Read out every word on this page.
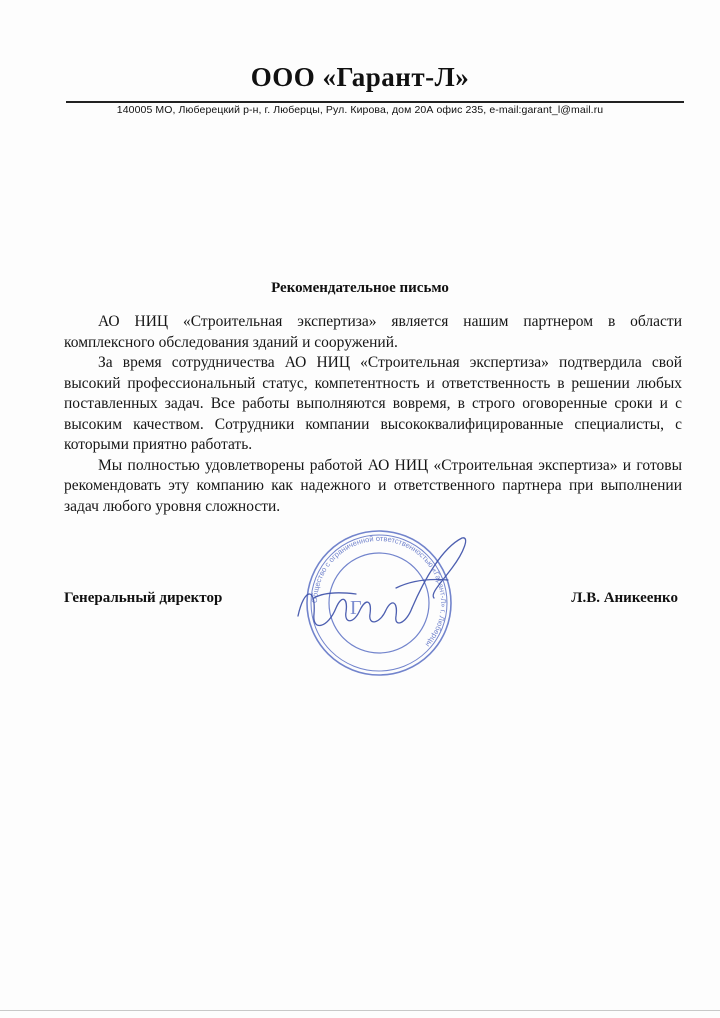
ООО «Гарант-Л»
140005 МО, Люберецкий р-н, г. Люберцы, Рул. Кирова, дом 20А офис 235, e-mail:garant_l@mail.ru
Рекомендательное письмо

АО НИЦ «Строительная экспертиза» является нашим партнером в области комплексного обследования зданий и сооружений.

За время сотрудничества АО НИЦ «Строительная экспертиза» подтвердила свой высокий профессиональный статус, компетентность и ответственность в решении любых поставленных задач. Все работы выполняются вовремя, в строго оговоренные сроки и с высоким качеством. Сотрудники компании высококвалифицированные специалисты, с которыми приятно работать.

Мы полностью удовлетворены работой АО НИЦ «Строительная экспертиза» и готовы рекомендовать эту компанию как надежного и ответственного партнера при выполнении задач любого уровня сложности.

Генеральный директор	Л.В. Аникеенко
Общество с ограниченной ответственностью «Гарант-Л» г. Люберцы
Г
